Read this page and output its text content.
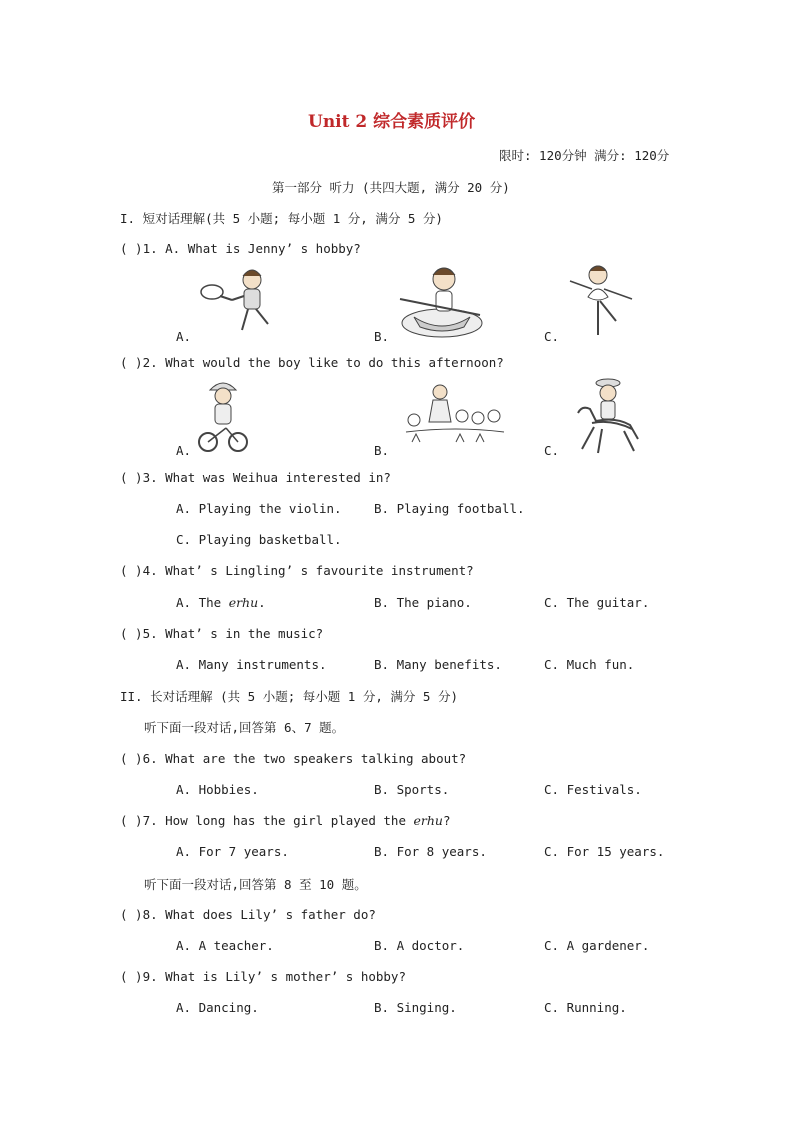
Unit 2 综合素质评价
限时: 120分钟 满分: 120分
第一部分 听力 (共四大题, 满分 20 分)
I. 短对话理解(共 5 小题; 每小题 1 分, 满分 5 分)
( )1. A. What is Jenny’ s hobby?
A.	B.	C.
( )2. What would the boy like to do this afternoon?
A.	B.	C.
( )3. What was Weihua interested in?
A. Playing the violin.	B. Playing football.
C. Playing basketball.
( )4. What’ s Lingling’ s favourite instrument?
A. The erhu.	B. The piano.	C. The guitar.
( )5. What’ s in the music?
A. Many instruments.	B. Many benefits.	C. Much fun.
II. 长对话理解 (共 5 小题; 每小题 1 分, 满分 5 分)
听下面一段对话,回答第 6、7 题。
( )6. What are the two speakers talking about?
A. Hobbies.	B. Sports.	C. Festivals.
( )7. How long has the girl played the erhu?
A. For 7 years.	B. For 8 years.	C. For 15 years.
听下面一段对话,回答第 8 至 10 题。
( )8. What does Lily’ s father do?
A. A teacher.	B. A doctor.	C. A gardener.
( )9. What is Lily’ s mother’ s hobby?
A. Dancing.	B. Singing.	C. Running.
